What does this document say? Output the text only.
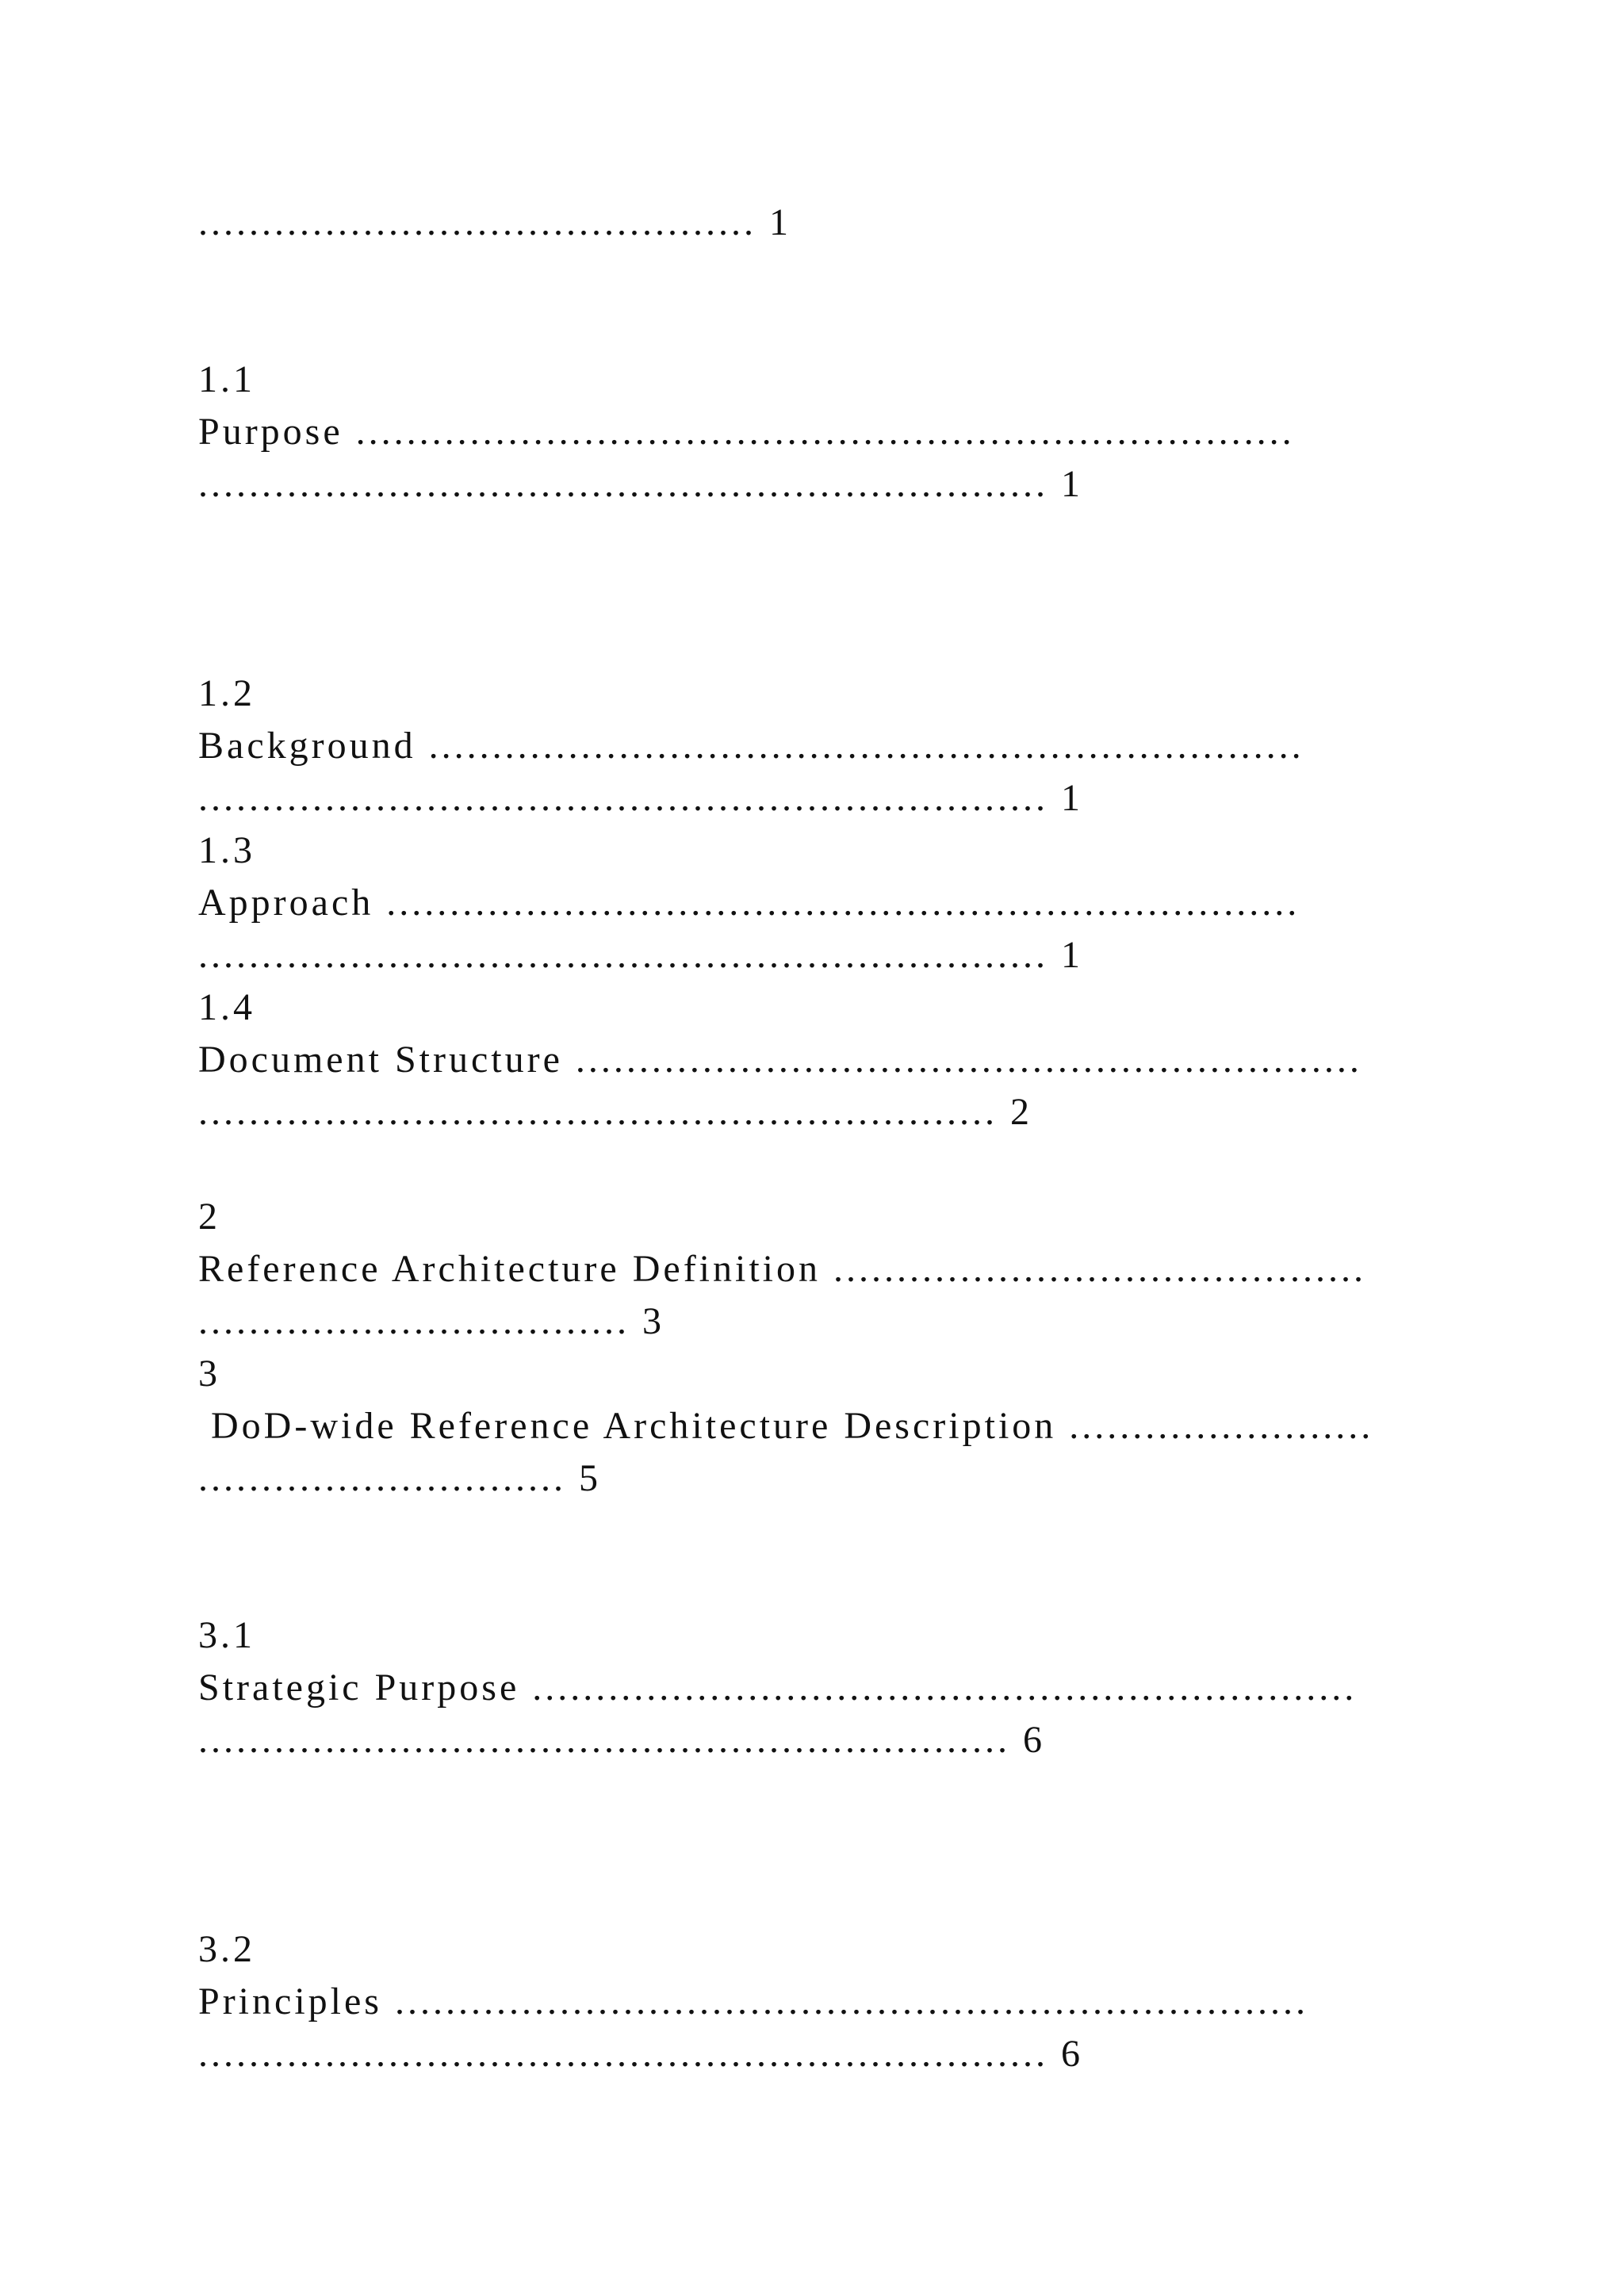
............................................ 1
1.1
Purpose ..........................................................................
................................................................... 1
1.2
Background .....................................................................
................................................................... 1
1.3
Approach ........................................................................
................................................................... 1
1.4
Document Structure ..............................................................
............................................................... 2
2
Reference Architecture Definition ..........................................
.................................. 3
3
DoD-wide Reference Architecture Description ........................
............................. 5
3.1
Strategic Purpose .................................................................
................................................................ 6
3.2
Principles ........................................................................
................................................................... 6
